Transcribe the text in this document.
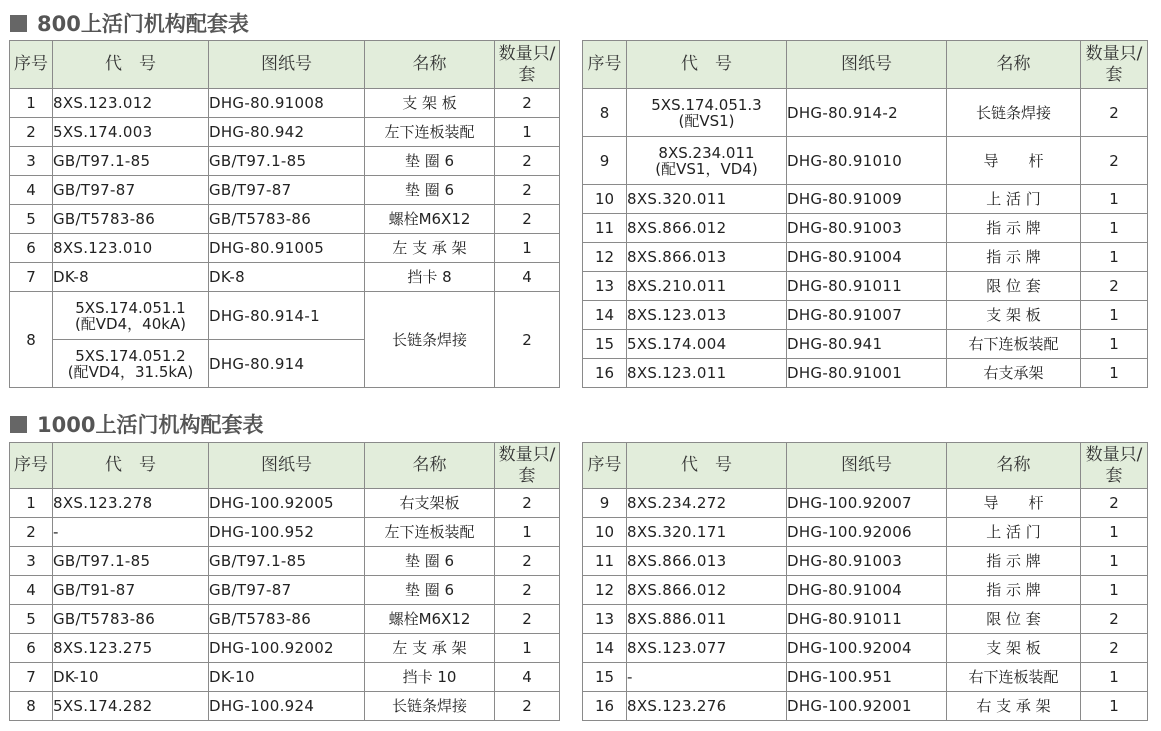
800上活门机构配套表
序号	代　号	图纸号	名称	数量只/套
1	8XS.123.012	DHG-80.91008	支 架 板	2
2	5XS.174.003	DHG-80.942	左下连板装配	1
3	GB/T97.1-85	GB/T97.1-85	垫 圈 6	2
4	GB/T97-87	GB/T97-87	垫 圈 6	2
5	GB/T5783-86	GB/T5783-86	螺栓M6X12	2
6	8XS.123.010	DHG-80.91005	左 支 承 架	1
7	DK-8	DK-8	挡卡 8	4
8	5XS.174.051.1
(配VD4，40kA)	DHG-80.914-1	长链条焊接	2

	5XS.174.051.2
(配VD4，31.5kA)	DHG-80.914		
序号	代　号	图纸号	名称	数量只/套
8	5XS.174.051.3
(配VS1)	DHG-80.914-2	长链条焊接	2
9	8XS.234.011
(配VS1，VD4)	DHG-80.91010	导　　杆	2
10	8XS.320.011	DHG-80.91009	上 活 门	1
11	8XS.866.012	DHG-80.91003	指 示 牌	1
12	8XS.866.013	DHG-80.91004	指 示 牌	1
13	8XS.210.011	DHG-80.91011	限 位 套	2
14	8XS.123.013	DHG-80.91007	支 架 板	1
15	5XS.174.004	DHG-80.941	右下连板装配	1
16	8XS.123.011	DHG-80.91001	右支承架	1
1000上活门机构配套表
序号	代　号	图纸号	名称	数量只/套
1	8XS.123.278	DHG-100.92005	右支架板	2
2	-	DHG-100.952	左下连板装配	1
3	GB/T97.1-85	GB/T97.1-85	垫 圈 6	2
4	GB/T91-87	GB/T97-87	垫 圈 6	2
5	GB/T5783-86	GB/T5783-86	螺栓M6X12	2
6	8XS.123.275	DHG-100.92002	左 支 承 架	1
7	DK-10	DK-10	挡卡 10	4
8	5XS.174.282	DHG-100.924	长链条焊接	2
序号	代　号	图纸号	名称	数量只/套
9	8XS.234.272	DHG-100.92007	导　　杆	2
10	8XS.320.171	DHG-100.92006	上 活 门	1
11	8XS.866.013	DHG-80.91003	指 示 牌	1
12	8XS.866.012	DHG-80.91004	指 示 牌	1
13	8XS.886.011	DHG-80.91011	限 位 套	2
14	8XS.123.077	DHG-100.92004	支 架 板	2
15	-	DHG-100.951	右下连板装配	1
16	8XS.123.276	DHG-100.92001	右 支 承 架	1
